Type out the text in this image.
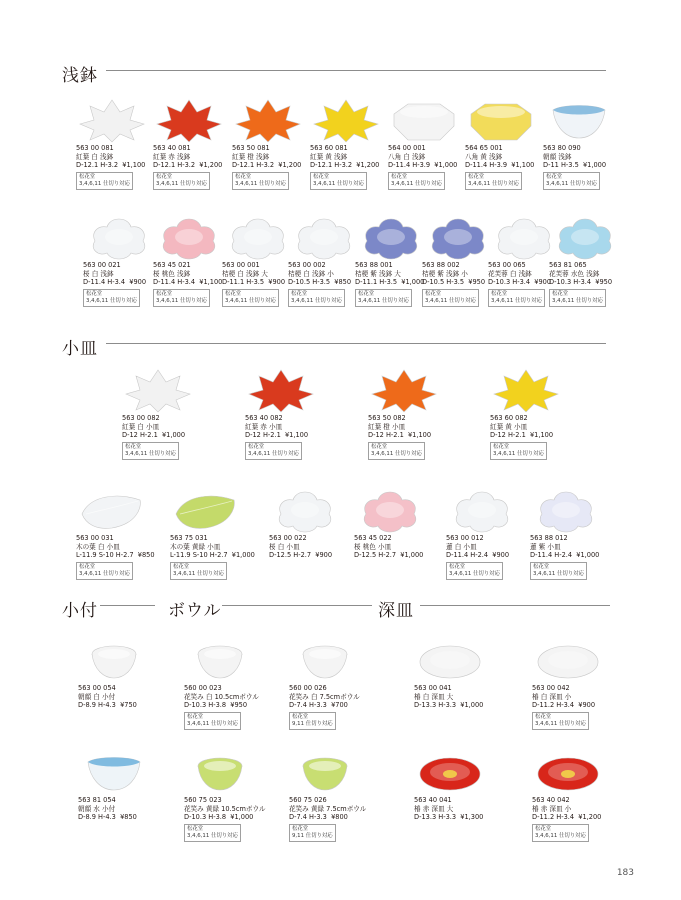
浅鉢
小皿
小付	ボウル	深皿
563 00 081
紅葉 白 浅鉢
D-12.1 H-3.2 ¥1,100
松花堂
3,4,6,11 仕切り対応
563 40 081
紅葉 赤 浅鉢
D-12.1 H-3.2 ¥1,200
松花堂
3,4,6,11 仕切り対応
563 50 081
紅葉 橙 浅鉢
D-12.1 H-3.2 ¥1,200
松花堂
3,4,6,11 仕切り対応
563 60 081
紅葉 黄 浅鉢
D-12.1 H-3.2 ¥1,200
松花堂
3,4,6,11 仕切り対応
564 00 001
八角 白 浅鉢
D-11.4 H-3.9 ¥1,000
松花堂
3,4,6,11 仕切り対応
564 65 001
八角 黄 浅鉢
D-11.4 H-3.9 ¥1,100
松花堂
3,4,6,11 仕切り対応
563 80 090
朝顔 浅鉢
D-11 H-3.5 ¥1,000
松花堂
3,4,6,11 仕切り対応
563 00 021
桜 白 浅鉢
D-11.4 H-3.4 ¥900
松花堂
3,4,6,11 仕切り対応
563 45 021
桜 桃色 浅鉢
D-11.4 H-3.4 ¥1,100
松花堂
3,4,6,11 仕切り対応
563 00 001
桔梗 白 浅鉢 大
D-11.1 H-3.5 ¥900
松花堂
3,4,6,11 仕切り対応
563 00 002
桔梗 白 浅鉢 小
D-10.5 H-3.5 ¥850
松花堂
3,4,6,11 仕切り対応
563 88 001
桔梗 紫 浅鉢 大
D-11.1 H-3.5 ¥1,000
松花堂
3,4,6,11 仕切り対応
563 88 002
桔梗 紫 浅鉢 小
D-10.5 H-3.5 ¥950
松花堂
3,4,6,11 仕切り対応
563 00 065
花芙蓉 白 浅鉢
D-10.3 H-3.4 ¥900
松花堂
3,4,6,11 仕切り対応
563 81 065
花芙蓉 水色 浅鉢
D-10.3 H-3.4 ¥950
松花堂
3,4,6,11 仕切り対応
563 00 082
紅葉 白 小皿
D-12 H-2.1 ¥1,000
松花堂
3,4,6,11 仕切り対応
563 40 082
紅葉 赤 小皿
D-12 H-2.1 ¥1,100
松花堂
3,4,6,11 仕切り対応
563 50 082
紅葉 橙 小皿
D-12 H-2.1 ¥1,100
松花堂
3,4,6,11 仕切り対応
563 60 082
紅葉 黄 小皿
D-12 H-2.1 ¥1,100
松花堂
3,4,6,11 仕切り対応
563 00 031
木の葉 白 小皿
L-11.9 S-10 H-2.7 ¥850
松花堂
3,4,6,11 仕切り対応
563 75 031
木の葉 黄緑 小皿
L-11.9 S-10 H-2.7 ¥1,000
松花堂
3,4,6,11 仕切り対応
563 00 022
桜 白 小皿
D-12.5 H-2.7 ¥900
563 45 022
桜 桃色 小皿
D-12.5 H-2.7 ¥1,000
563 00 012
蓮 白 小皿
D-11.4 H-2.4 ¥900
松花堂
3,4,6,11 仕切り対応
563 88 012
蓮 紫 小皿
D-11.4 H-2.4 ¥1,000
松花堂
3,4,6,11 仕切り対応
563 00 054
朝顔 白 小付
D-8.9 H-4.3 ¥750
560 00 023
花笑み 白 10.5cmボウル
D-10.3 H-3.8 ¥950
松花堂
3,4,6,11 仕切り対応
560 00 026
花笑み 白 7.5cmボウル
D-7.4 H-3.3 ¥700
松花堂
9,11 仕切り対応
563 00 041
椿 白 深皿 大
D-13.3 H-3.3 ¥1,000
563 00 042
椿 白 深皿 小
D-11.2 H-3.4 ¥900
松花堂
3,4,6,11 仕切り対応
563 81 054
朝顔 水 小付
D-8.9 H-4.3 ¥850
560 75 023
花笑み 黄緑 10.5cmボウル
D-10.3 H-3.8 ¥1,000
松花堂
3,4,6,11 仕切り対応
560 75 026
花笑み 黄緑 7.5cmボウル
D-7.4 H-3.3 ¥800
松花堂
9,11 仕切り対応
563 40 041
椿 赤 深皿 大
D-13.3 H-3.3 ¥1,300
563 40 042
椿 赤 深皿 小
D-11.2 H-3.4 ¥1,200
松花堂
3,4,6,11 仕切り対応
183
